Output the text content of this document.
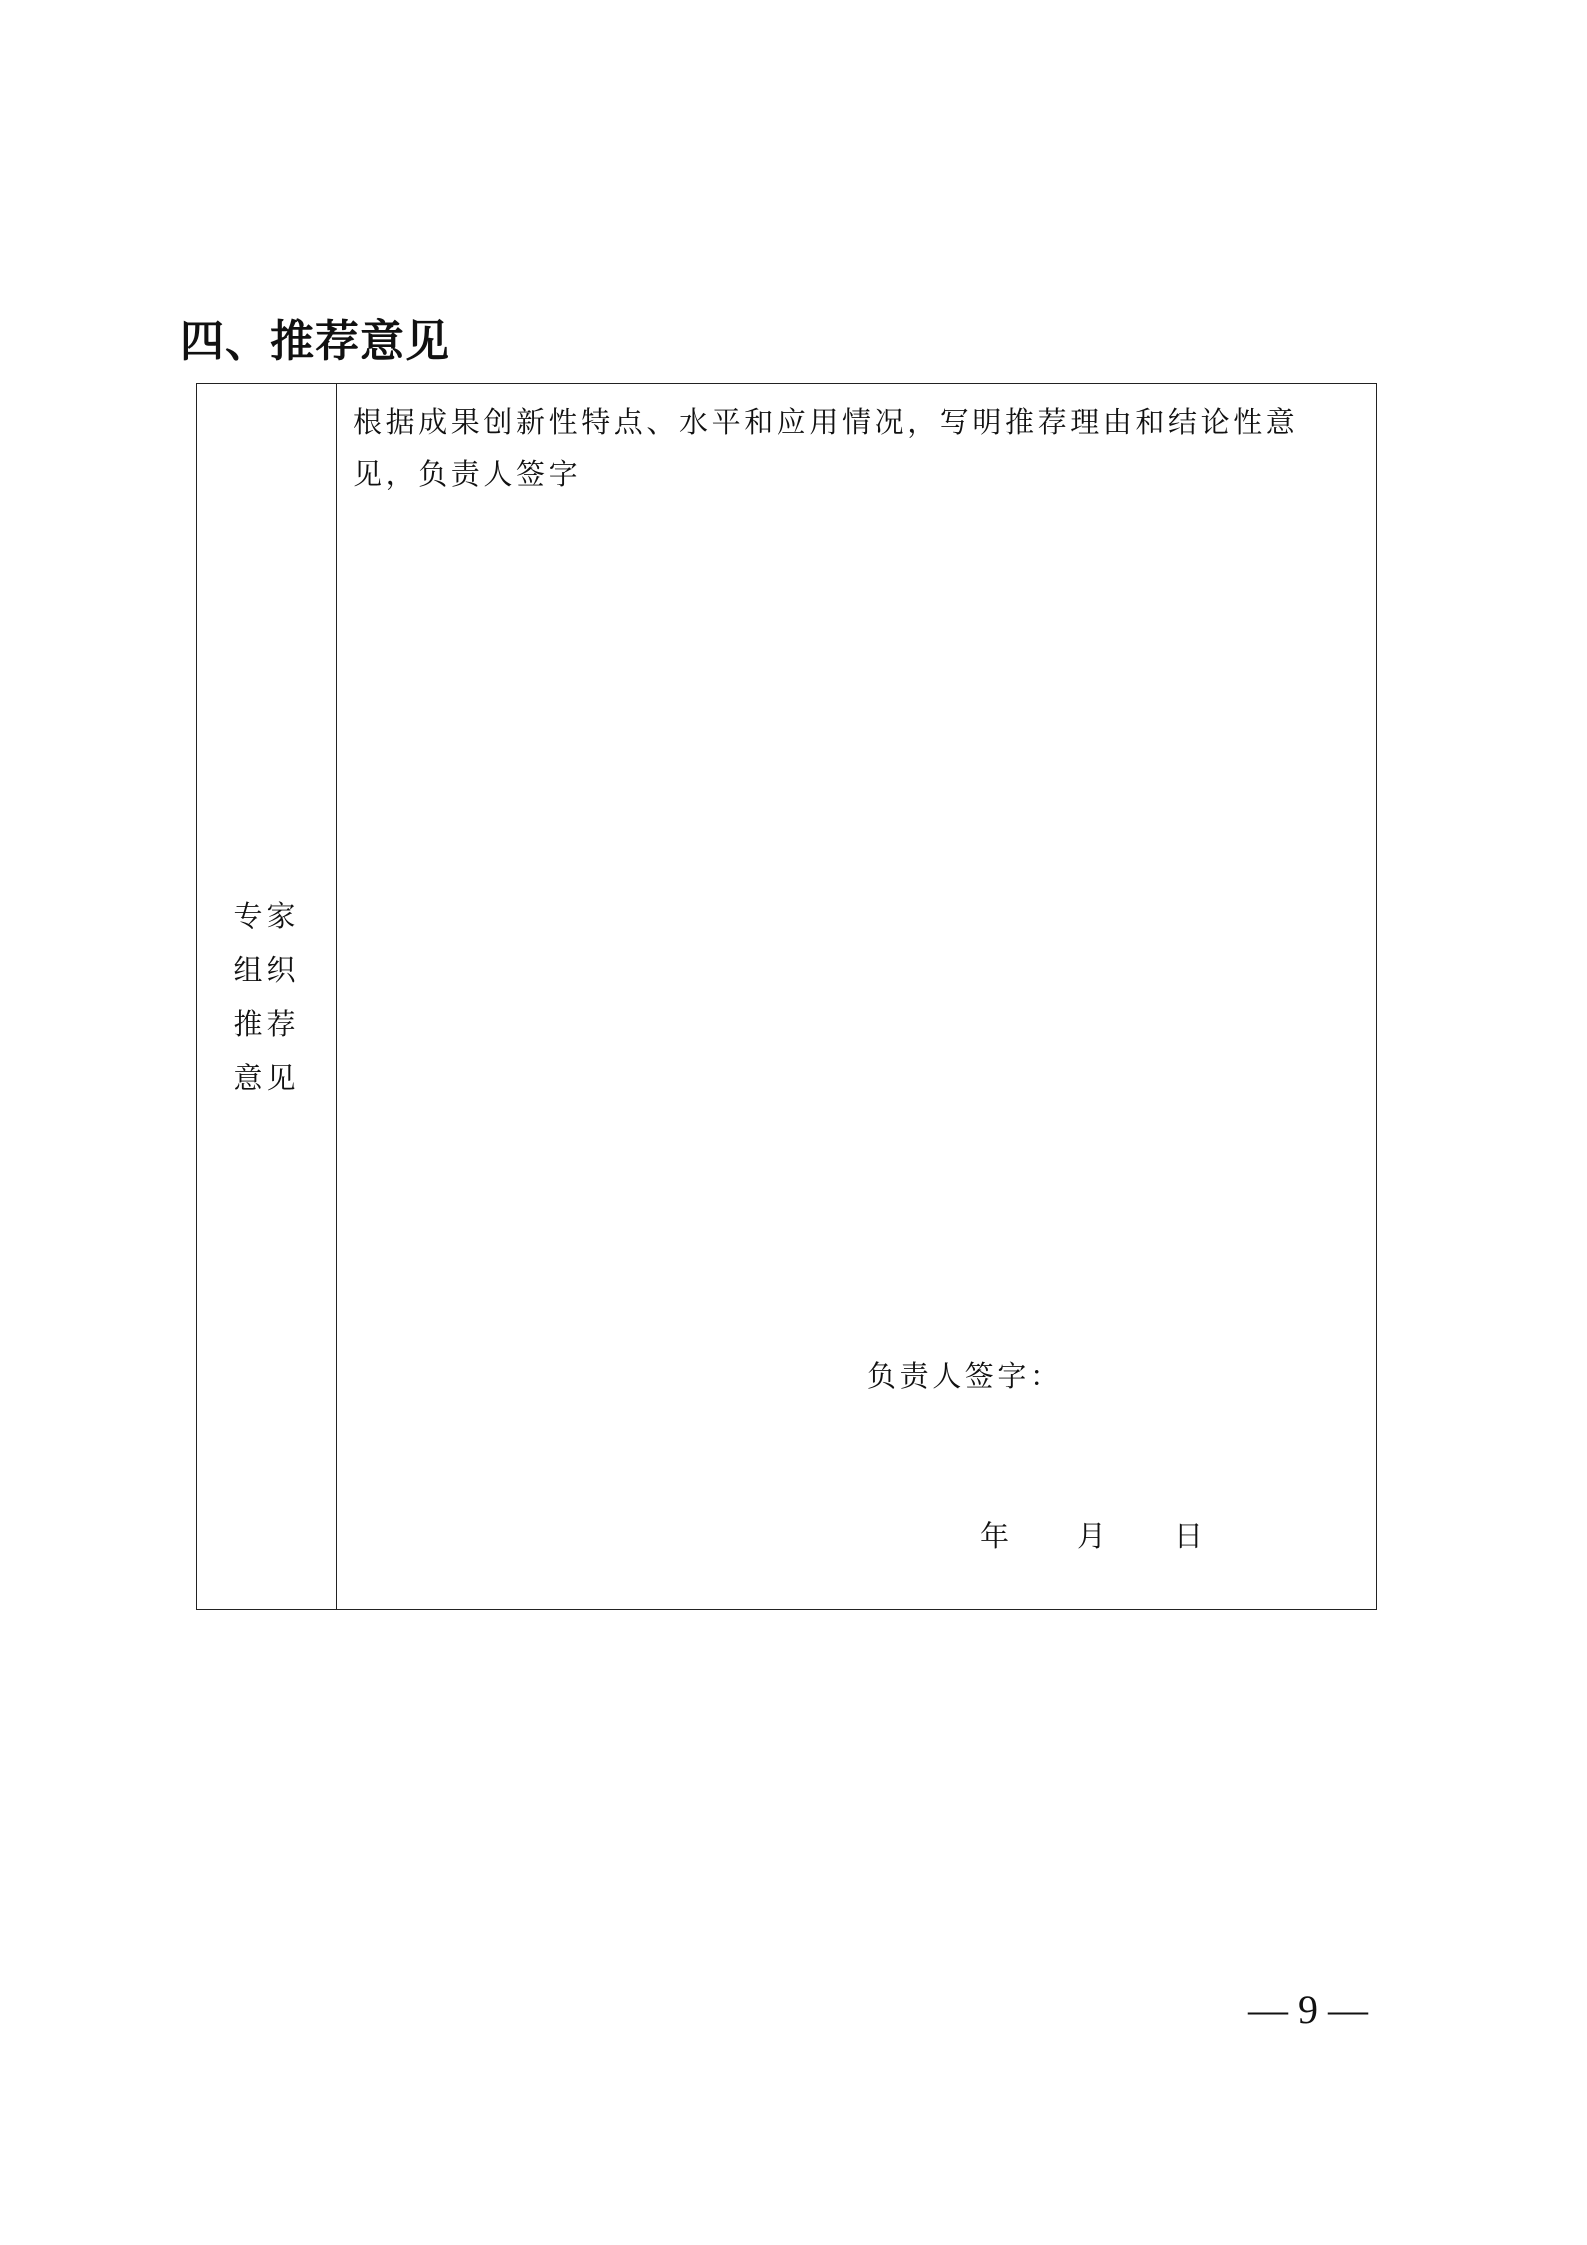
四、推荐意见
专家
组织
推荐
意见
根据成果创新性特点、水平和应用情况，写明推荐理由和结论性意见，负责人签字
负责人签字：
年 月 日
— 9 —
